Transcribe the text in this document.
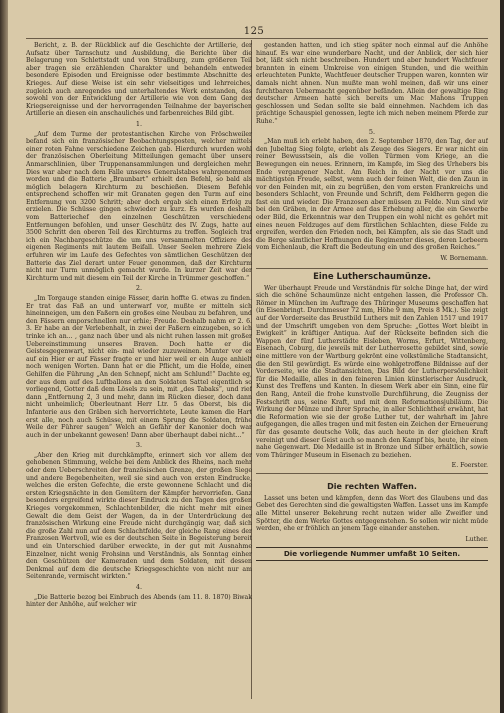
125

Bericht, z. B. der Rückblick auf die Geschichte der Artillerie, der Aufsatz über Tarnschutz und Ausbildung, die Berichte über die Belagerung von Schlettstadt und von Straßburg, zum größeren Teil aber tragen sie erzählenden Charakter und behandeln entweder besondere Episoden und Ereignisse oder bestimmte Abschnitte des Krieges. Auf diese Weise ist ein sehr vielseitiges und lehrreiches, zugleich auch anregendes und unterhaltendes Werk entstanden, das sowohl von der Entwicklung der Artillerie wie von dem Gang der Kriegsereignisse und der hervorragenden Teilnahme der bayerischen Artillerie an diesen ein anschauliches und farbenreiches Bild gibt.

1.

„Auf dem Turme der protestantischen Kirche von Fröschweiler befand sich ein französischer Beobachtungsposten, welcher mittels einer roten Fahne verschiedene Zeichen gab. Hierdurch wurden wohl der französischen Oberleitung Mitteilungen gemacht über unsere Anmarschlinien, über Truppenansammlungen und dergleichen mehr. Dies war aber nach dem Falle unseres Generalstabes wahrgenommen worden und die Batterie „Braunbart“ erhielt den Befehl, so bald als möglich belagern Kirchturm zu beschießen. Diesem Befehle entsprechend schoffen wir mit Granaten gegen den Turm auf eine Entfernung von 3200 Schritt; aber doch ergab sich einen Erfolg zu erzielen. Die Schüsse gingen schwieder zu kurz. Es wurden deshalb vom Batteriechef den einzelnen Geschützen verschiedene Entfernungen befohlen, und unser Geschütz des IV. Zugs, hatte auf 3500 Schritt den oberen Teil des Kirchturms zu treffen. Sogleich traf ich ein Nachbargeschütze die um uns versammelten Offiziere des eigenen Regiments mit lautem Beifall. Unser Seelen mehrere Ziele erfuhren wir im Laufe des Gefechtes von sämtlichen Geschützen der Batterie das Ziel derart unter Feuer genommen, daß der Kirchturm nicht nur Turm unmöglich gemacht wurde. In kurzer Zeit war der Kirchturm und mit diesem ein Teil der Kirche in Trümmer geschoffen.“

2.

„Im Torgauge standen einige Fässer, darin hoffte G. etwas zu finden. Er trat das Faß an und unterwarf vor, mußte er mitteln sich hineinneigen, um den Faßern ein großes eine Neubau zu befahren, und den Fässern emporschnellen nur erhie; Freude. Deshalb nahm er 2. 6. 3. Er habe an der Verlebenhalt, in zwei der Faßern einzugeben, so ich trinke ich an... , ganz nach über und als nicht ruhen lassen mit großer Uebereinstimmung unseres Braven. Doch hatte er die Geistesgegenwart, nicht ein- mal wieder zuzuweinen. Munter vor er auf ein Hier er auf Fässer fragte er und hier weil er ein Auge anhielt noch wenigen Worten. Dann hat er die Pflicht, um die Holde, einen Gehilfen die Führung „An den Schnepf, nicht am Schlund!“ Dachte eg, der aus dem auf des Luftballons an den Soldaten Sattel eigentlich so vorliegend, Gotter daß dem Lösels zu sein, mit „des Tabaks“, und rief dann „Entfernung 2, 3 und mehr, dann im Rücken dieser, doch dann nicht unheimlich; Oberleutnant Herr Ltr. 5 das Oberst, bis die Infanterie aus den Gräben sich hervorrichtete, Leute kamen die Hart erst alle, noch auch Schüsse, mit einem Sprung die Soldaten, frühe Weile der Führer saugen“ Welch an Gefähr der Kanonier doch war auch in der unbekannt gewesen! Dann aber überhaupt dabei nicht...“

3.

„Aber den Krieg mit durchkämpfte, erinnert sich vor allem der gehobenen Stimmung, welche bei dem Anblick des Rheins, nach mehr oder dem Ueberschreiten der französischen Grenze, der großen Siege und andere Begebenheiten, weil sie sind auch von ersten Eindrucke, welches die ersten Gefechte, die erste gewonnene Schlacht und die ersten Kriegsnächte in den Gemütern der Kämpfer hervorriefen. Ganz besonders ergreifend wirkte dieser Eindruck zu den Tagen des großen Krieges vorgekommen, Schlachtenbilder, die nicht mehr mit einer Gewalt die dem Geist der Wagen, da in der Unterdrückung der französischen Wirkung eine Freude nicht durchgängig war, daß sich die große Zahl nun auf dem Schlachtfelde, der gleiche Rang eines der Franzosen Wertvoll, wie es der deutschen Seite in Begeisterung bereit und ein Unterschied darüber erweckte, in der gut mit Ausnahme Einzelner, nicht wenig Frohsinn und Verständnis, als Sonntag einher den Geschützen der Kameraden und dem Soldaten, mit dessen Denkmal auf dem die deutsche Kriegsgeschichte von nicht nur am Seitenrande, vermischt wirkten.“

4.

„Die Batterie bezog bei Einbruch des Abends (am 11. 8. 1870) Biwak hinter der Anhöhe, auf welcher wir

gestanden hatten, und ich stieg später noch einmal auf die Anhöhe hinauf. Es war eine wunderbare Nacht, und der Anblick, der sich hier bot, läßt sich nicht beschreiben. Hundert und aber hundert Wachtfeuer brannten in einem Umkreise von einigen Stunden, und die weithin erleuchteten Punkte, Wachtfeuer deutscher Truppen waren, konnten wir damals nicht ahnen. Nun mußte man wohl meinen, daß wir uns einer furchtbaren Uebermacht gegenüber befänden. Allein der gewaltige Ring deutscher Armeen hatte sich bereits um Mac Mahons Truppen geschlossen und Sedan sollte sie bald einnehmen. Nachdem ich das prächtige Schauspiel genossen, legte ich mich neben meinem Pferde zur Ruhe.“

5.

„Man muß ich erlebt haben, den 2. September 1870, den Tag, der auf den Jubeltag Sieg folgte, erlebt als Zeuge des Siegers. Er war nicht ein reiner Bewusstsein, als die vollen Türmen vom Kriege, an die Bewegungen ein neues. Erinnern, im Kampfe, im Sieg des Urhebers bis Ende vergangener Nacht. Am Reich in der Nacht vor uns die mächtigsten Freude, selbst, wenn auch der feinen Welt, die den Zaun in vor den Feinden mit, ein zu begrüßen, den vom ersten Frankreichs und besonders Schlacht, von Freunde und Schrift, dem Feldherrn gegen die fast ein und wieder. Die Franzosen aber müssen zu Felde. Nun sind wir bei den Gräben, in der Armee auf das Erhebung aller, die ein Gewerbe oder Bild, die Erkenntnis war den Truppen ein wohl nicht es gehört mit eines neuen Feldzuges auf dem fürstlichen Schlachten, diese Felde zu ergreifen, werden den Frieden noch, bei Kämpfen, als sie das Stadt und die Berge sämtlicher Hoffnungen die Regimenter dieses, deren Lorbeern vom Eichenlaub, die Kraft die Bedeutung ein und des großen Reiches.“

W. Bornemann.

Eine Lutherschaumünze.

Wer überhaupt Freude und Verständnis für solche Dinge hat, der wird sich die schöne Schaumünze nicht entgehen lassen, die Professor Ch. Römer in München im Auftrage des Thüringer Museums geschaffen hat (in Eisenbringt. Durchmesser 72 mm, Höhe 9 mm, Preis 8 Mk.). Sie zeigt auf der Vorderseite das Brustbild Luthers mit den Zahlen 1517 und 1917 und der Umschrift umgeben von dem Spruche: „Gottes Wort bleibt in Ewigkeit“ in kräftiger Antiqua. Auf der Rückseite befinden sich die Wappen der fünf Lutherstädte Eisleben, Worms, Erfurt, Wittenberg, Eisenach, Coburg, die jeweils mit der Lutherrosette gebildet sind, sowie eine mittlere von der Wartburg gekrönt eine volkstümliche Stadtansicht, die den Stil gewürdigt. Es würde eine wohlgetroffene Bildnisse auf der Vorderseite, wie die Stadtansichten, Das Bild der Lutherpersönlichkeit für die Medaille, alles in den feineren Linien künstlerischer Ausdruck, Kunst des Treffens und Kanten. In diesem Werk aber ein Sinn, eine für den Rang, Anteil die frohe kunstvolle Durchführung, die Zeugniss der Festschrift aus, seine Kraft, und mit dem Reformationsjubiläum. Die Wirkung der Münze und ihrer Sprache, in aller Schlichtheit erwähnt, hat die Reformation wie sie der große Luther tut, der wahrhaft im Jahre aufgegangen, die alles tragen und mit festen ein Zeichen der Erneuerung für das gesamte deutsche Volk, das auch heute in der gleichen Kraft vereinigt und dieser Geist auch so manch den Kampf bis, heute, ihr einen nahe Gegenwart. Die Medaille ist in Bronze und Silber erhältlich, sowie vom Thüringer Museum in Eisenach zu beziehen.

E. Foerster.

Die rechten Waffen.

Lasset uns beten und kämpfen, denn das Wort des Glaubens und das Gebet des Gerechten sind die gewaltigsten Waffen. Lasset uns im Kampfe alle Mittel unserer Bekehrung recht nutzen wider alle Zweifler und Spötter, die dem Werke Gottes entgegenstehen. So sollen wir nicht müde werden, ehe er fröhlich an jenem Tage einander anstehen.

Luther.

Die vorliegende Nummer umfaßt 10 Seiten.
